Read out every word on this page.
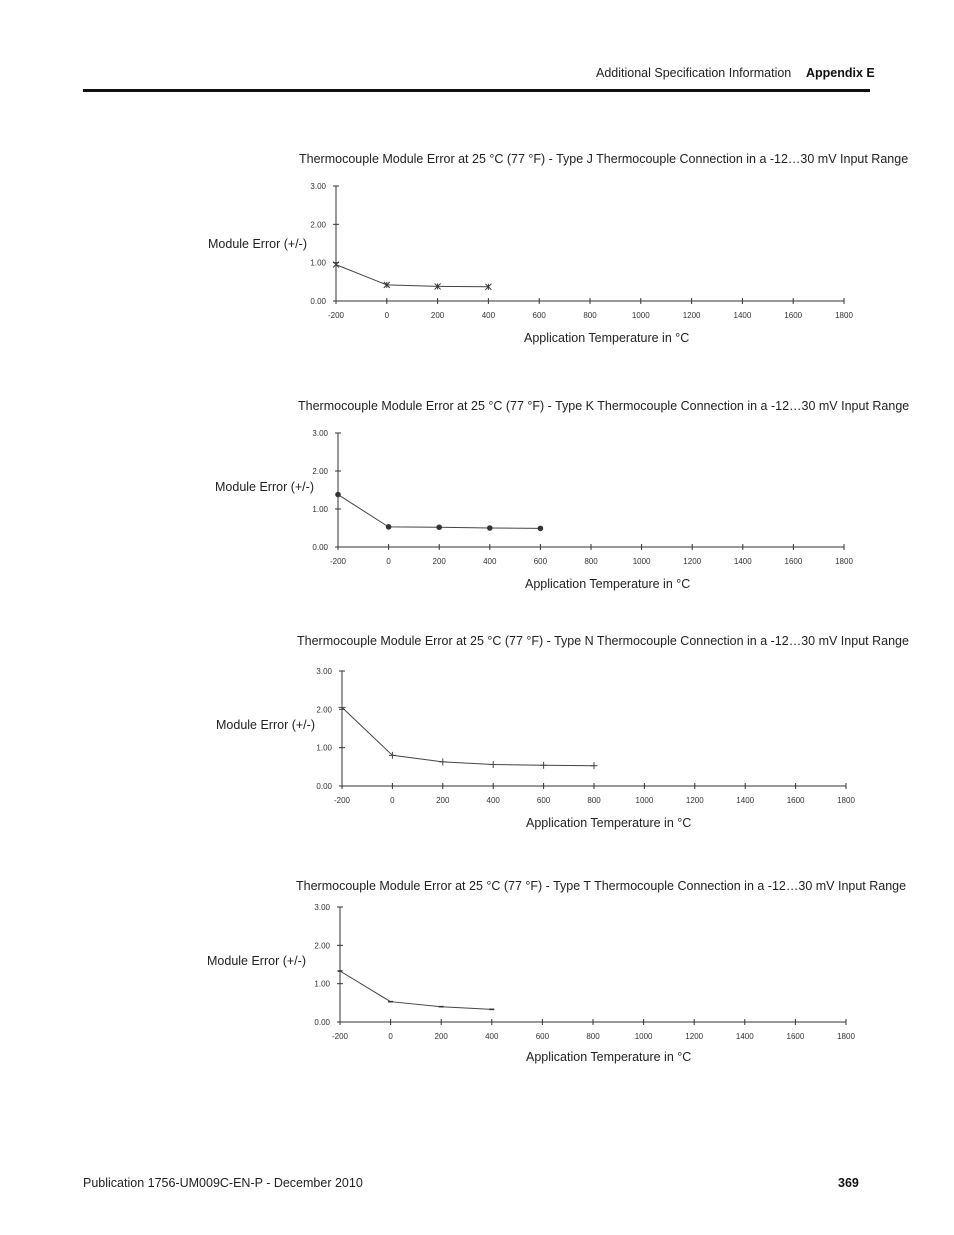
Additional Specification Information Appendix E
Thermocouple Module Error at 25 °C (77 °F) - Type J Thermocouple Connection in a -12…30 mV Input Range
Module Error (+/-)
-200	0	200	400	600	800	1000	1200	1400	1600	1800
0.00
1.00
2.00
3.00
Application Temperature in °C
Thermocouple Module Error at 25 °C (77 °F) - Type K Thermocouple Connection in a -12…30 mV Input Range
Module Error (+/-)
-200	0	200	400	600	800	1000	1200	1400	1600	1800
0.00
1.00
2.00
3.00
Application Temperature in °C
Thermocouple Module Error at 25 °C (77 °F) - Type N Thermocouple Connection in a -12…30 mV Input Range
Module Error (+/-)
-200	0	200	400	600	800	1000	1200	1400	1600	1800
0.00
1.00
2.00
3.00
Application Temperature in °C
Thermocouple Module Error at 25 °C (77 °F) - Type T Thermocouple Connection in a -12…30 mV Input Range
Module Error (+/-)
-200	0	200	400	600	800	1000	1200	1400	1600	1800
0.00
1.00
2.00
3.00
Application Temperature in °C
Publication 1756-UM009C-EN-P - December 2010	369
